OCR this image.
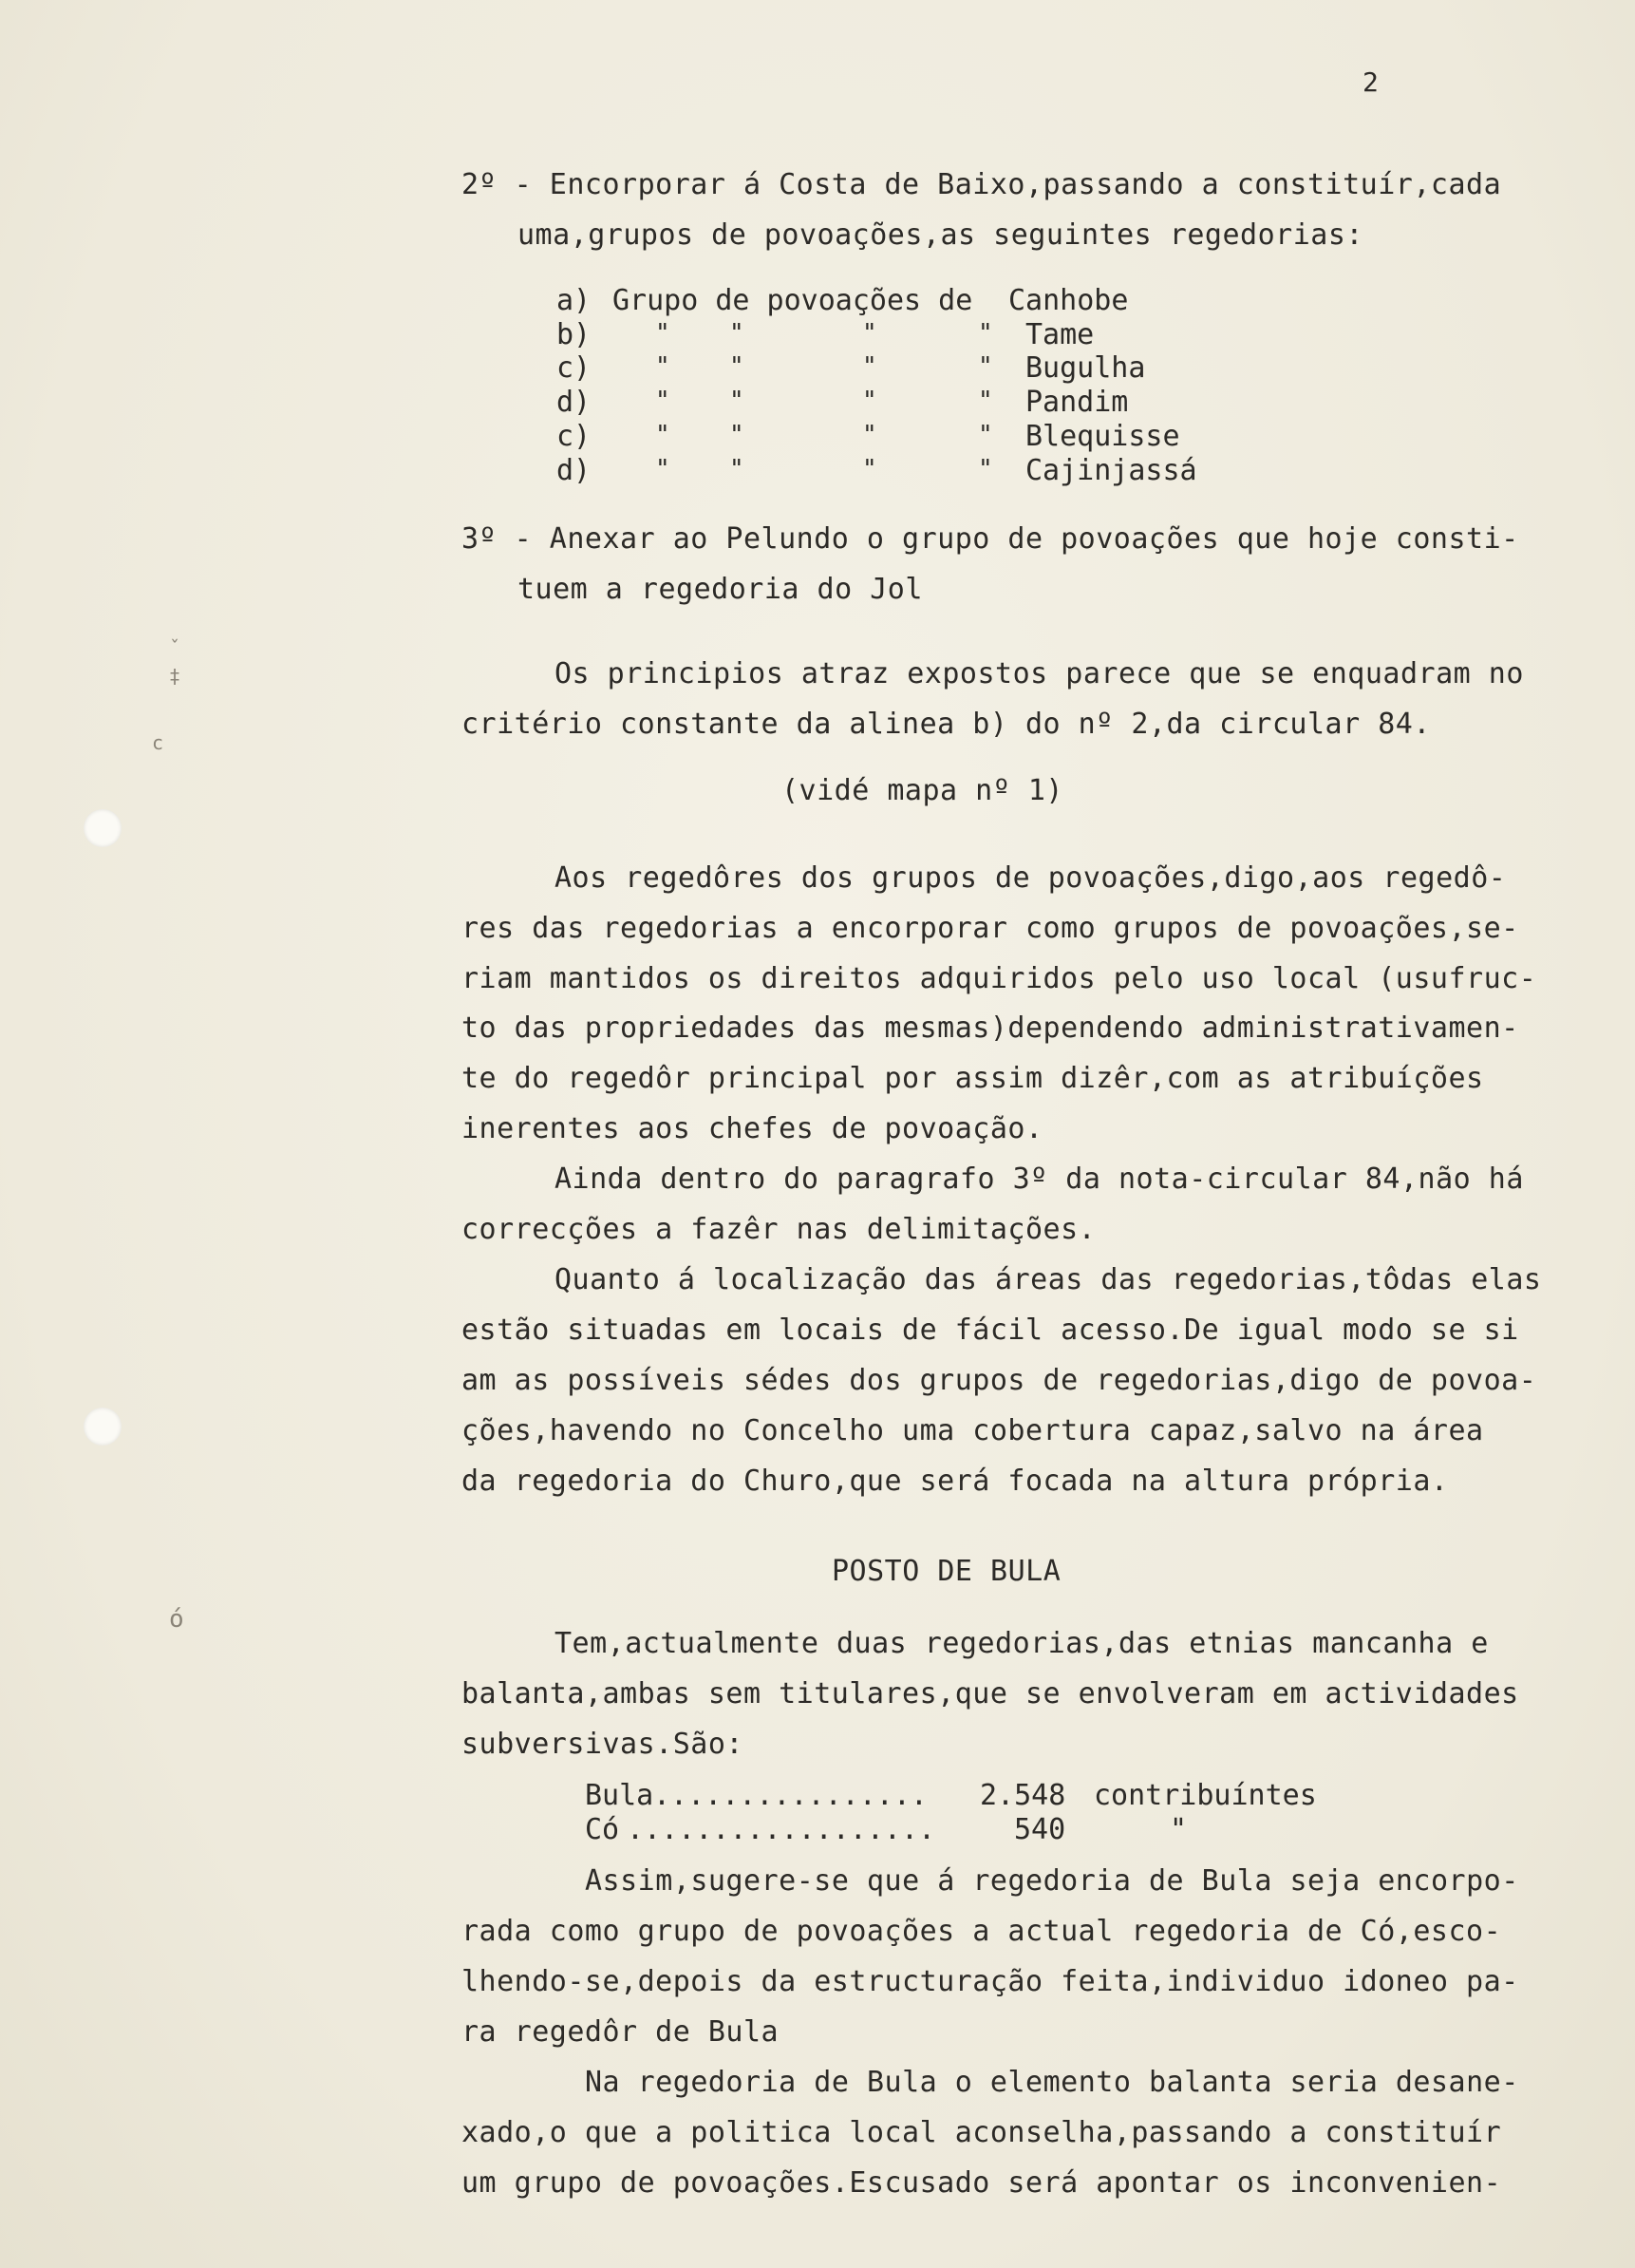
ˇ
‡
c
ó
2
2º - Encorporar á Costa de Baixo,passando a constituír,cada
uma,grupos de povoações,as seguintes regedorias:
a) Grupo de povoações de Canhobe
b)	" "	"	" Tame
c)	" "	"	" Bugulha
d)	" "	"	" Pandim
c)	" "	"	" Blequisse
d)	" "	"	" Cajinjassá
3º - Anexar ao Pelundo o grupo de povoações que hoje consti-
tuem a regedoria do Jol
Os principios atraz expostos parece que se enquadram no
critério constante da alinea b) do nº 2,da circular 84.
(vidé mapa nº 1)
Aos regedôres dos grupos de povoações,digo,aos regedô-
res das regedorias a encorporar como grupos de povoações,se-
riam mantidos os direitos adquiridos pelo uso local (usufruc-
to das propriedades das mesmas)dependendo administrativamen-
te do regedôr principal por assim dizêr,com as atribuíções
inerentes aos chefes de povoação.
Ainda dentro do paragrafo 3º da nota-circular 84,não há
correcções a fazêr nas delimitações.
Quanto á localização das áreas das regedorias,tôdas elas
estão situadas em locais de fácil acesso.De igual modo se si
am as possíveis sédes dos grupos de regedorias,digo de povoa-
ções,havendo no Concelho uma cobertura capaz,salvo na área
da regedoria do Churo,que será focada na altura própria.
POSTO DE BULA
Tem,actualmente duas regedorias,das etnias mancanha e
balanta,ambas sem titulares,que se envolveram em actividades
subversivas.São:
Bula ................ 2.548 contribuíntes
Có ..................	540	"
Assim,sugere-se que á regedoria de Bula seja encorpo-
rada como grupo de povoações a actual regedoria de Có,esco-
lhendo-se,depois da estructuração feita,individuo idoneo pa-
ra regedôr de Bula
Na regedoria de Bula o elemento balanta seria desane-
xado,o que a politica local aconselha,passando a constituír
um grupo de povoações.Escusado será apontar os inconvenien-
